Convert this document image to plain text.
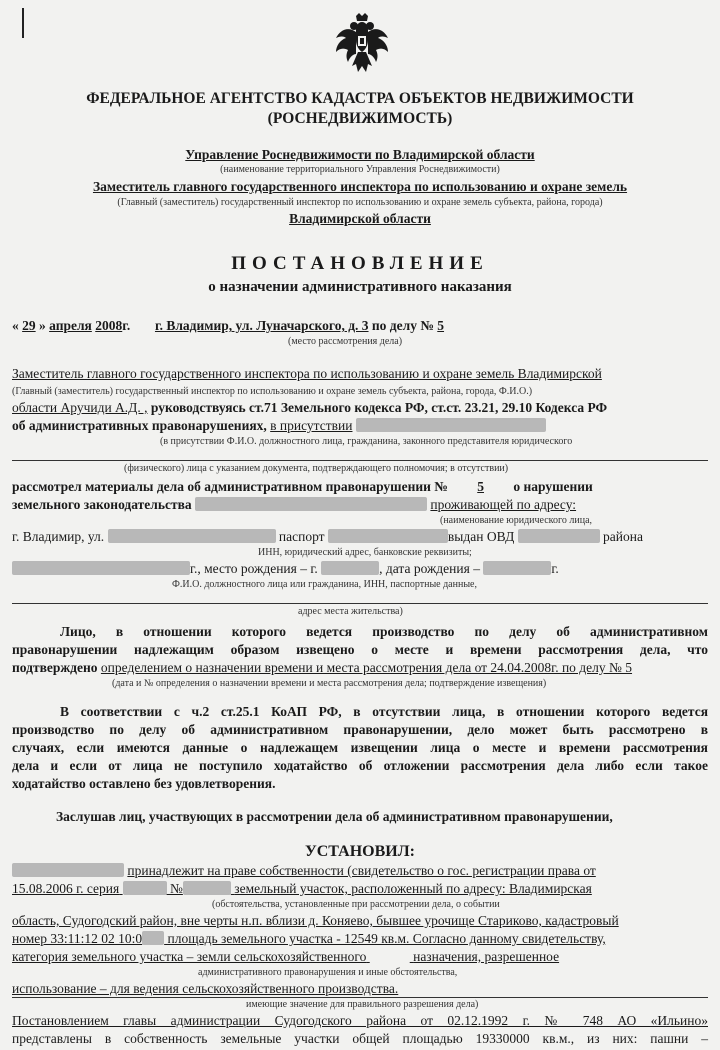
ФЕДЕРАЛЬНОЕ АГЕНТСТВО КАДАСТРА ОБЪЕКТОВ НЕДВИЖИМОСТИ
(РОСНЕДВИЖИМОСТЬ)
Управление Роснедвижимости по Владимирской области
(наименование территориального Управления Роснедвижимости)
Заместитель главного государственного инспектора по использованию и охране земель
(Главный (заместитель) государственный инспектор по использованию и охране земель субъекта, района, города)
Владимирской области
ПОСТАНОВЛЕНИЕ
о назначении административного наказания
« 29 » апреля 2008г. г. Владимир, ул. Луначарского, д. 3 по делу № 5
(место рассмотрения дела)
Заместитель главного государственного инспектора по использованию и охране земель Владимирской
(Главный (заместитель) государственный инспектор по использованию и охране земель субъекта, района, города, Ф.И.О.)
области Аручиди А.Д. , руководствуясь ст.71 Земельного кодекса РФ, ст.ст. 23.21, 29.10 Кодекса РФ
об административных правонарушениях, в присутствии
(в присутствии Ф.И.О. должностного лица, гражданина, законного представителя юридического
(физического) лица с указанием документа, подтверждающего полномочия; в отсутствии)
рассмотрел материалы дела об административном правонарушении № 5 о нарушении
земельного законодательства	проживающей по адресу:
(наименование юридического лица,
г. Владимир, ул.	паспорт	выдан ОВД	района
ИНН, юридический адрес, банковские реквизиты;
г., место рождения – г.	, дата рождения –	г.
Ф.И.О. должностного лица или гражданина, ИНН, паспортные данные,
адрес места жительства)
Лицо, в отношении которого ведется производство по делу об административном
правонарушении надлежащим образом извещено о месте и времени рассмотрения дела, что
подтверждено определением о назначении времени и места рассмотрения дела от 24.04.2008г. по делу № 5
(дата и № определения о назначении времени и места рассмотрения дела; подтверждение извещения)
В соответствии с ч.2 ст.25.1 КоАП РФ, в отсутствии лица, в отношении которого ведется
производство по делу об административном правонарушении, дело может быть рассмотрено в
случаях, если имеются данные о надлежащем извещении лица о месте и времени рассмотрения
дела и если от лица не поступило ходатайство об отложении рассмотрения дела либо если такое
ходатайство оставлено без удовлетворения.
Заслушав лиц, участвующих в рассмотрении дела об административном правонарушении,
УСТАНОВИЛ:
принадлежит на праве собственности (свидетельство о гос. регистрации права от
15.08.2006 г. серия	№	земельный участок, расположенный по адресу: Владимирская
(обстоятельства, установленные при рассмотрении дела, о событии
область, Судогодский район, вне черты н.п. вблизи д. Коняево, бывшее урочище Стариково, кадастровый
номер 33:11:12 02 10:0 площадь земельного участка - 12549 кв.м. Согласно данному свидетельству,
категория земельного участка – земли сельскохозяйственного	назначения, разрешенное
административного правонарушения и иные обстоятельства,
использование – для ведения сельскохозяйственного производства.
имеющие значение для правильного разрешения дела)
Постановлением главы администрации Судогодского района от 02.12.1992 г. № 748 АО «Ильино»
представлены в собственность земельные участки общей площадью 19330000 кв.м., из них: пашни –
